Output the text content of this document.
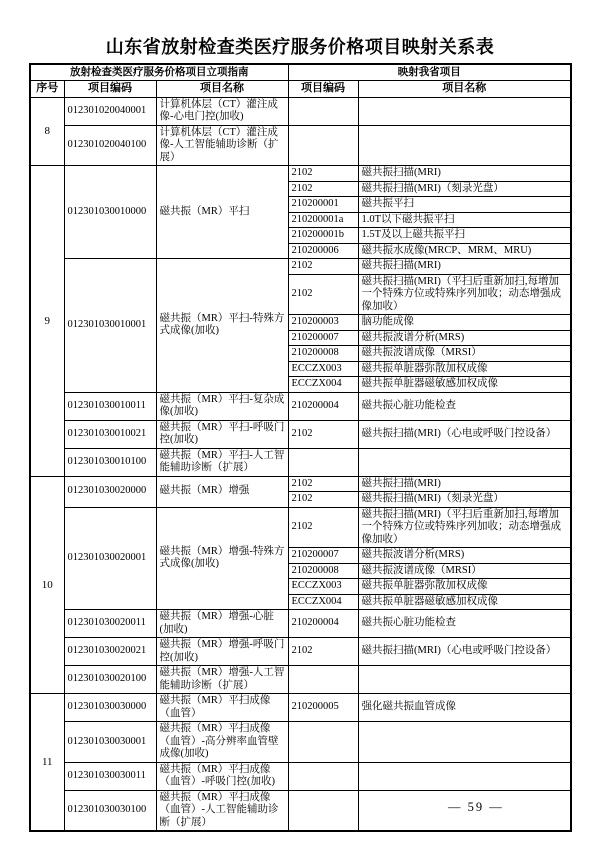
山东省放射检查类医疗服务价格项目映射关系表
放射检查类医疗服务价格项目立项指南			映射我省项目	
序号	项目编码	项目名称	项目编码	项目名称
8	012301020040001	计算机体层（CT）灌注成像-心电门控(加收)		
	012301020040100	计算机体层（CT）灌注成像-人工智能辅助诊断（扩展）		
9	012301030010000	磁共振（MR）平扫	2102	磁共振扫描(MRI)
			2102	磁共振扫描(MRI)（刻录光盘）
			210200001	磁共振平扫
			210200001a	1.0T以下磁共振平扫
			210200001b	1.5T及以上磁共振平扫
			210200006	磁共振水成像(MRCP、MRM、MRU)
	012301030010001	磁共振（MR）平扫-特殊方式成像(加收)	2102	磁共振扫描(MRI)
			2102	磁共振扫描(MRI)（平扫后重新加扫,每增加一个特殊方位或特殊序列加收；动态增强成像加收）
			210200003	脑功能成像
			210200007	磁共振波谱分析(MRS)
			210200008	磁共振波谱成像（MRSI）
			ECCZX003	磁共振单脏器弥散加权成像
			ECCZX004	磁共振单脏器磁敏感加权成像
	012301030010011	磁共振（MR）平扫-复杂成像(加收)	210200004	磁共振心脏功能检查
	012301030010021	磁共振（MR）平扫-呼吸门控(加收)	2102	磁共振扫描(MRI)（心电或呼吸门控设备）
	012301030010100	磁共振（MR）平扫-人工智能辅助诊断（扩展）		
10	012301030020000	磁共振（MR）增强	2102	磁共振扫描(MRI)
			2102	磁共振扫描(MRI)（刻录光盘）
	012301030020001	磁共振（MR）增强-特殊方式成像(加收)	2102	磁共振扫描(MRI)（平扫后重新加扫,每增加一个特殊方位或特殊序列加收；动态增强成像加收）
			210200007	磁共振波谱分析(MRS)
			210200008	磁共振波谱成像（MRSI）
			ECCZX003	磁共振单脏器弥散加权成像
			ECCZX004	磁共振单脏器磁敏感加权成像
	012301030020011	磁共振（MR）增强-心脏(加收)	210200004	磁共振心脏功能检查
	012301030020021	磁共振（MR）增强-呼吸门控(加收)	2102	磁共振扫描(MRI)（心电或呼吸门控设备）
	012301030020100	磁共振（MR）增强-人工智能辅助诊断（扩展）		
11	012301030030000	磁共振（MR）平扫成像（血管）	210200005	强化磁共振血管成像
	012301030030001	磁共振（MR）平扫成像（血管）-高分辨率血管壁成像(加收)		
	012301030030011	磁共振（MR）平扫成像（血管）-呼吸门控(加收)		
	012301030030100	磁共振（MR）平扫成像（血管）-人工智能辅助诊断（扩展）		
— 59 —
